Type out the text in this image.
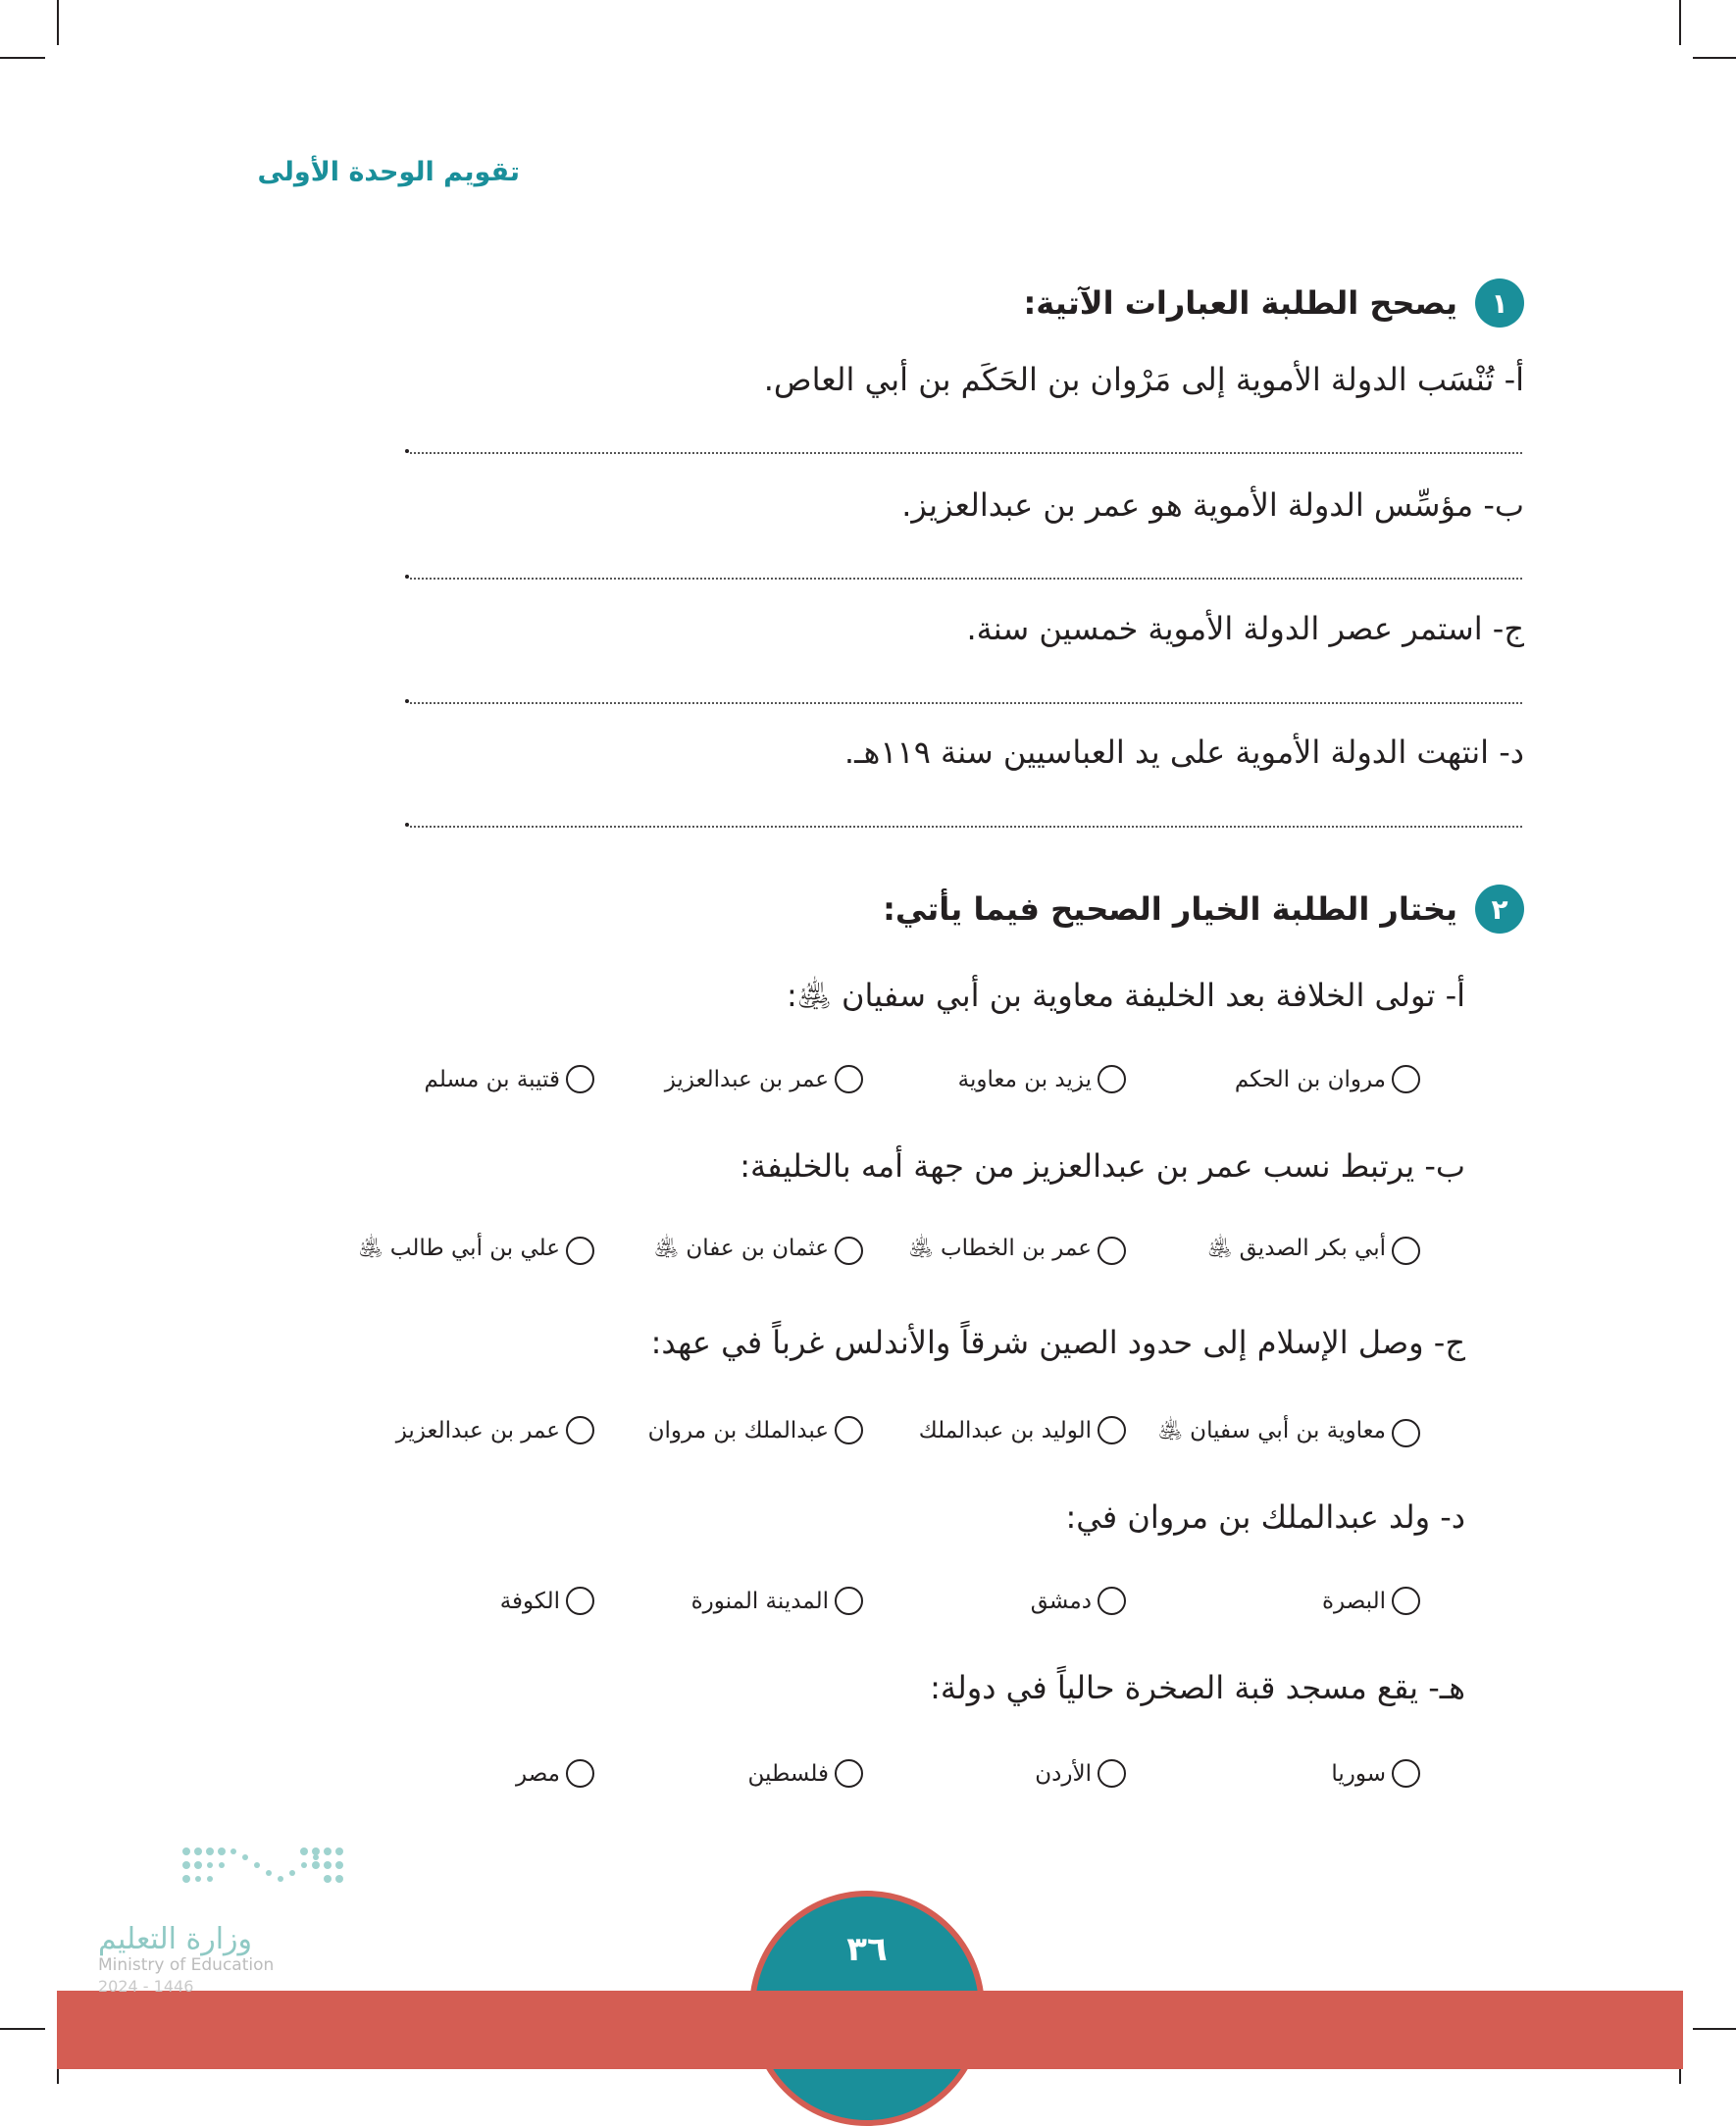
تقويم الوحدة الأولى
١
يصحح الطلبة العبارات الآتية:
أ- تُنْسَب الدولة الأموية إلى مَرْوان بن الحَكَم بن أبي العاص.
ب- مؤسِّس الدولة الأموية هو عمر بن عبدالعزيز.
ج- استمر عصر الدولة الأموية خمسين سنة.
د- انتهت الدولة الأموية على يد العباسيين سنة ١١٩هـ.
٢
يختار الطلبة الخيار الصحيح فيما يأتي:
أ- تولى الخلافة بعد الخليفة معاوية بن أبي سفيان ﵁:
مروان بن الحكم
يزيد بن معاوية
عمر بن عبدالعزيز
قتيبة بن مسلم
ب- يرتبط نسب عمر بن عبدالعزيز من جهة أمه بالخليفة:
أبي بكر الصديق ﵁
عمر بن الخطاب ﵁
عثمان بن عفان ﵁
علي بن أبي طالب ﵁
ج- وصل الإسلام إلى حدود الصين شرقاً والأندلس غرباً في عهد:
معاوية بن أبي سفيان ﵁
الوليد بن عبدالملك
عبدالملك بن مروان
عمر بن عبدالعزيز
د- ولد عبدالملك بن مروان في:
البصرة
دمشق
المدينة المنورة
الكوفة
هـ- يقع مسجد قبة الصخرة حالياً في دولة:
سوريا
الأردن
فلسطين
مصر
وزارة التعليم
Ministry of Education
2024 - 1446
٣٦
